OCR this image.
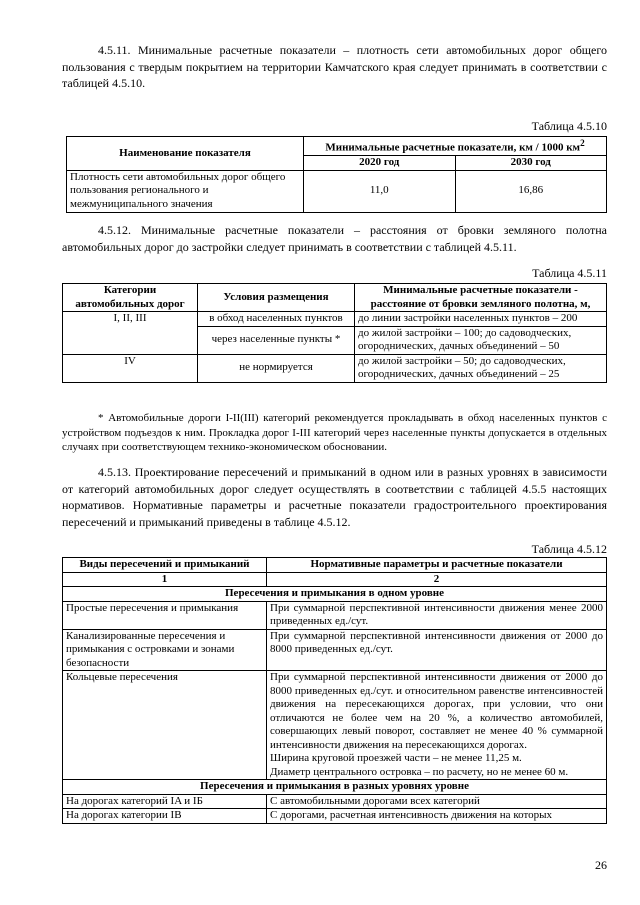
4.5.11. Минимальные расчетные показатели – плотность сети автомобильных дорог общего пользования с твердым покрытием на территории Камчатского края следует принимать в соответствии с таблицей 4.5.10.

Таблица 4.5.10

Наименование показателя	Минимальные расчетные показатели, км / 1000 $км^2$
	2020 год	2030 год
Плотность сети автомобильных дорог общего пользования регионального и межмуниципального значения	11,0	16,86

4.5.12. Минимальные расчетные показатели – расстояния от бровки земляного полотна автомобильных дорог до застройки следует принимать в соответствии с таблицей 4.5.11.

Таблица 4.5.11

Категории автомобильных дорог	Условия размещения	Минимальные расчетные показатели - расстояние от бровки земляного полотна, м,
I, II, III	в обход населенных пунктов	до линии застройки населенных пунктов – 200
	через населенные пункты *	до жилой застройки – 100; до садоводческих, огороднических, дачных объединений – 50
IV	не нормируется	до жилой застройки – 50; до садоводческих, огороднических, дачных объединений – 25

* Автомобильные дороги I-II(III) категорий рекомендуется прокладывать в обход населенных пунктов с устройством подъездов к ним. Прокладка дорог I-III категорий через населенные пункты допускается в отдельных случаях при соответствующем технико-экономическом обосновании.

4.5.13. Проектирование пересечений и примыканий в одном или в разных уровнях в зависимости от категорий автомобильных дорог следует осуществлять в соответствии с таблицей 4.5.5 настоящих нормативов. Нормативные параметры и расчетные показатели градостроительного проектирования пересечений и примыканий приведены в таблице 4.5.12.

Таблица 4.5.12

Виды пересечений и примыканий	Нормативные параметры и расчетные показатели
1	2
Пересечения и примыкания в одном уровне	
Простые пересечения и примыкания	При суммарной перспективной интенсивности движения менее 2000 приведенных ед./сут.
Канализированные пересечения и примыкания с островками и зонами безопасности	При суммарной перспективной интенсивности движения от 2000 до 8000 приведенных ед./сут.
Кольцевые пересечения	При суммарной перспективной интенсивности движения от 2000 до 8000 приведенных ед./сут. и относительном равенстве интенсивностей движения на пересекающихся дорогах, при условии, что они отличаются не более чем на 20 %, а количество автомобилей, совершающих левый поворот, составляет не менее 40 % суммарной интенсивности движения на пересекающихся дорогах.
Ширина круговой проезжей части – не менее 11,25 м.
Диаметр центрального островка – по расчету, но не менее 60 м.

Пересечения и примыкания в разных уровнях уровне	
На дорогах категорий IA и IБ	С автомобильными дорогами всех категорий
На дорогах категории IВ	С дорогами, расчетная интенсивность движения на которых

26
